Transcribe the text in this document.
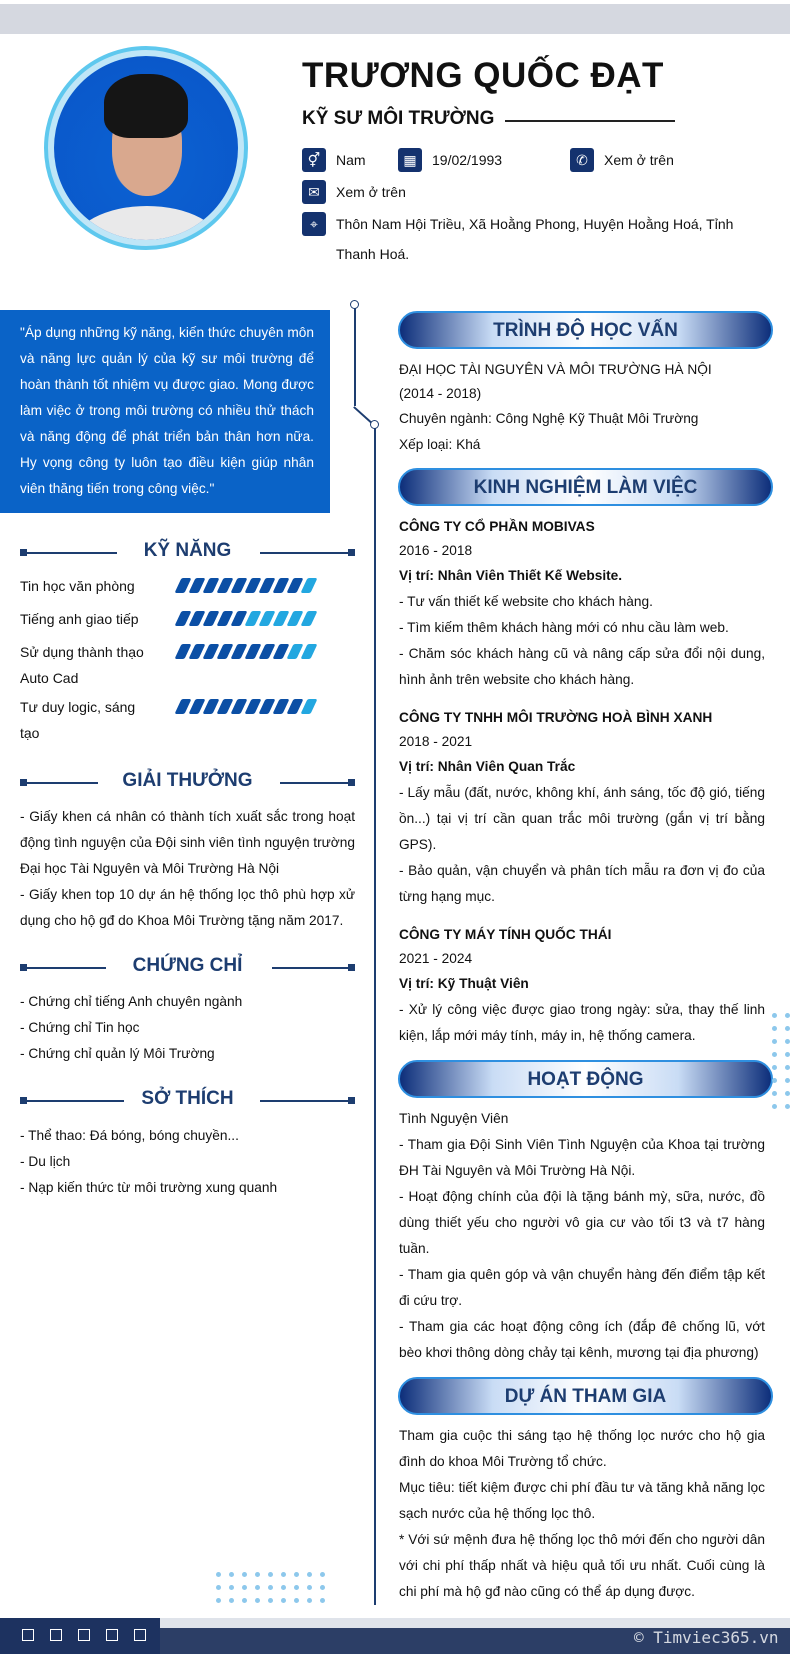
TRƯƠNG QUỐC ĐẠT
KỸ SƯ MÔI TRƯỜNG
⚥	Nam	▦	19/02/1993	✆	Xem ở trên
✉	Xem ở trên
⌖	Thôn Nam Hội Triều, Xã Hoằng Phong, Huyện Hoằng Hoá, Tỉnh Thanh Hoá.
"Áp dụng những kỹ năng, kiến thức chuyên môn và năng lực quản lý của kỹ sư môi trường để hoàn thành tốt nhiệm vụ được giao. Mong được làm việc ở trong môi trường có nhiều thử thách và năng động để phát triển bản thân hơn nữa. Hy vọng công ty luôn tạo điều kiện giúp nhân viên thăng tiến trong công việc."
KỸ NĂNG
Tin học văn phòng
Tiếng anh giao tiếp
Sử dụng thành thạo Auto Cad
Tư duy logic, sáng tạo
GIẢI THƯỞNG
- Giấy khen cá nhân có thành tích xuất sắc trong hoạt động tình nguyện của Đội sinh viên tình nguyện trường Đại học Tài Nguyên và Môi Trường Hà Nội
- Giấy khen top 10 dự án hệ thống lọc thô phù hợp xử dụng cho hộ gđ do Khoa Môi Trường tặng năm 2017.
CHỨNG CHỈ
- Chứng chỉ tiếng Anh chuyên ngành
- Chứng chỉ Tin học
- Chứng chỉ quản lý Môi Trường
SỞ THÍCH
- Thể thao: Đá bóng, bóng chuyền...
- Du lịch
- Nạp kiến thức từ môi trường xung quanh
TRÌNH ĐỘ HỌC VẤN
ĐẠI HỌC TÀI NGUYÊN VÀ MÔI TRƯỜNG HÀ NỘI
(2014 - 2018)
Chuyên ngành: Công Nghệ Kỹ Thuật Môi Trường
Xếp loại: Khá
KINH NGHIỆM LÀM VIỆC
CÔNG TY CỔ PHẦN MOBIVAS
2016 - 2018
Vị trí: Nhân Viên Thiết Kế Website.
- Tư vấn thiết kế website cho khách hàng.
- Tìm kiếm thêm khách hàng mới có nhu cầu làm web.
- Chăm sóc khách hàng cũ và nâng cấp sửa đổi nội dung, hình ảnh trên website cho khách hàng.
CÔNG TY TNHH MÔI TRƯỜNG HOÀ BÌNH XANH
2018 - 2021
Vị trí: Nhân Viên Quan Trắc
- Lấy mẫu (đất, nước, không khí, ánh sáng, tốc độ gió, tiếng ồn...) tại vị trí cần quan trắc môi trường (gắn vị trí bằng GPS).
- Bảo quản, vận chuyển và phân tích mẫu ra đơn vị đo của từng hạng mục.
CÔNG TY MÁY TÍNH QUỐC THÁI
2021 - 2024
Vị trí: Kỹ Thuật Viên
- Xử lý công việc được giao trong ngày: sửa, thay thế linh kiện, lắp mới máy tính, máy in, hệ thống camera.
HOẠT ĐỘNG
Tình Nguyện Viên
- Tham gia Đội Sinh Viên Tình Nguyện của Khoa tại trường ĐH Tài Nguyên và Môi Trường Hà Nội.
- Hoạt động chính của đội là tặng bánh mỳ, sữa, nước, đồ dùng thiết yếu cho người vô gia cư vào tối t3 và t7 hàng tuần.
- Tham gia quên góp và vận chuyển hàng đến điểm tập kết đi cứu trợ.
- Tham gia các hoạt động công ích (đắp đê chống lũ, vớt bèo khơi thông dòng chảy tại kênh, mương tại địa phương)
DỰ ÁN THAM GIA
Tham gia cuộc thi sáng tạo hệ thống lọc nước cho hộ gia đình do khoa Môi Trường tổ chức.
Mục tiêu: tiết kiệm được chi phí đầu tư và tăng khả năng lọc sạch nước của hệ thống lọc thô.
* Với sứ mệnh đưa hệ thống lọc thô mới đến cho người dân với chi phí thấp nhất và hiệu quả tối ưu nhất. Cuối cùng là chi phí mà hộ gđ nào cũng có thể áp dụng được.
© Timviec365.vn
